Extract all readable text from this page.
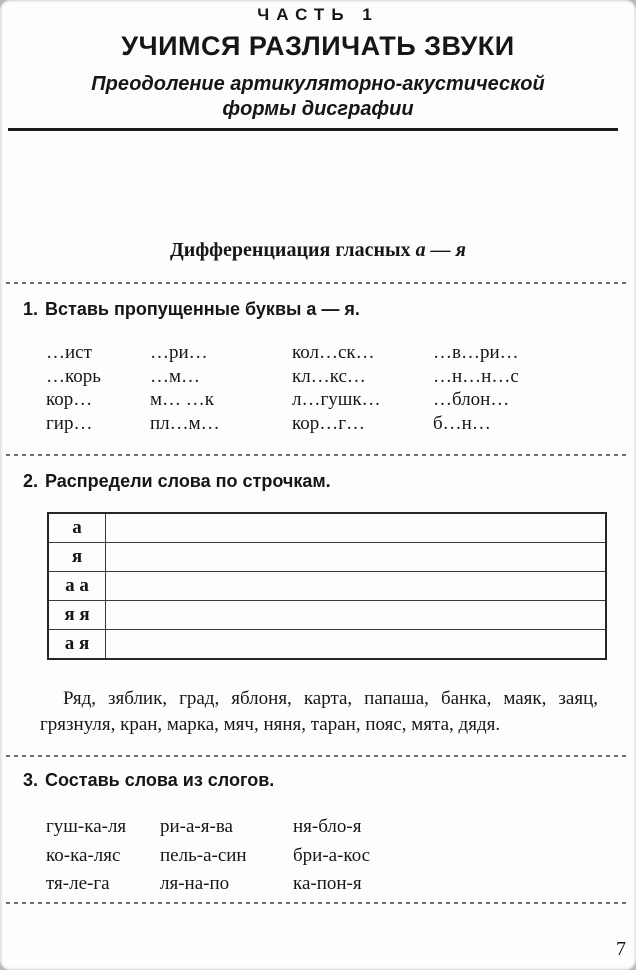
ЧАСТЬ 1
УЧИМСЯ РАЗЛИЧАТЬ ЗВУКИ
Преодоление артикуляторно-акустической
формы дисграфии
Дифференциация гласных а — я
1. Вставь пропущенные буквы а — я.
…ист	…ри…	кол…ск…	…в…ри…
…корь	…м…	кл…кс…	…н…н…с
кор…	м… …к	л…гушк…	…блон…
гир…	пл…м…	кор…г…	б…н…
2. Распредели слова по строчкам.
а	
я	
а а	
я я	
а я	
Ряд, зяблик, град, яблоня, карта, папаша, банка, маяк, заяц, грязнуля, кран, марка, мяч, няня, таран, пояс, мята, дядя.
3. Составь слова из слогов.
гуш-ка-ля	ри-а-я-ва	ня-бло-я
ко-ка-ляс	пель-а-син	бри-а-кос
тя-ле-га	ля-на-по	ка-пон-я
7
